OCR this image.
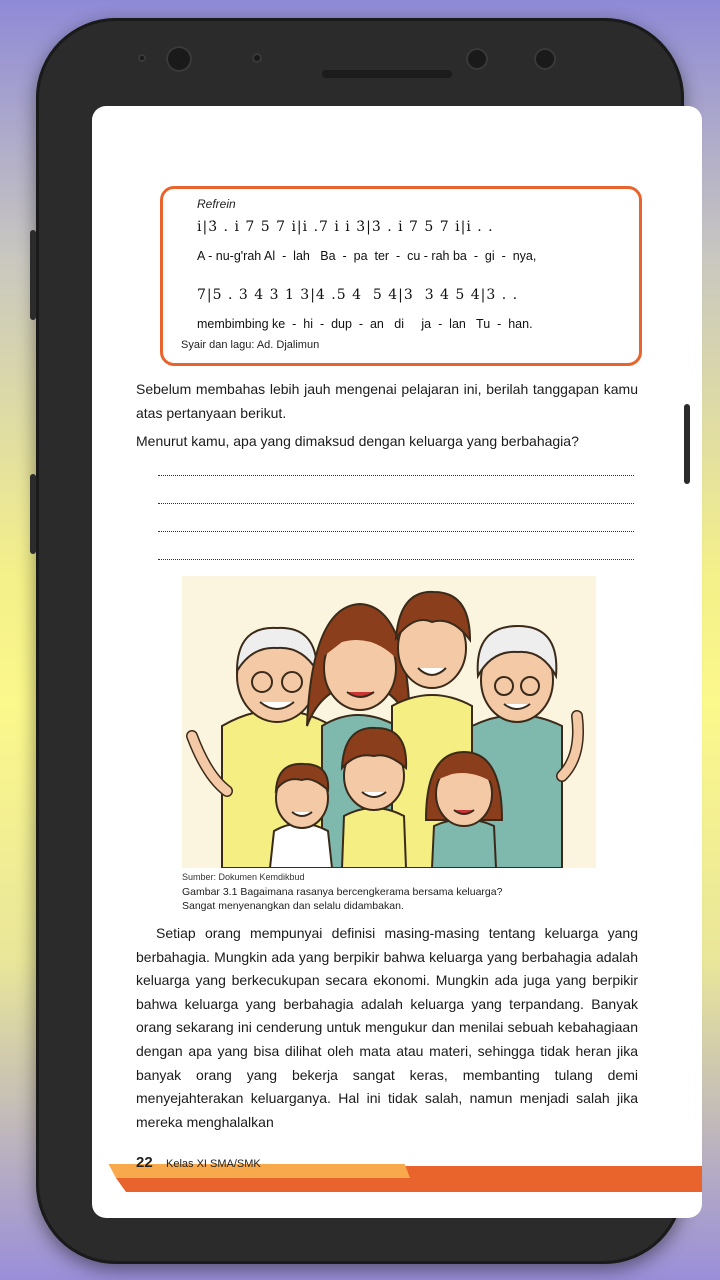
Refrein
i|3̇ . i 7 5 7 i|i .7 i i 3̇|3̇ . i 7 5 7 i|i . .
A - nu-g'rah Al  -  lah   Ba  -  pa  ter  -  cu - rah ba  -  gi  -  nya,
7|5 . 3 4 3 1 3|4 .5 4  5 4|3  3 4 5 4|3 . .
membimbing ke  -  hi  -  dup  -  an   di     ja  -  lan   Tu  -  han.
Syair dan lagu: Ad. Djalimun
Sebelum membahas lebih jauh mengenai pelajaran ini, berilah tanggapan kamu atas pertanyaan berikut.
Menurut kamu, apa yang dimaksud dengan keluarga yang berbahagia?
Sumber: Dokumen Kemdikbud
Gambar 3.1 Bagaimana rasanya bercengkerama bersama keluarga?
Sangat menyenangkan dan selalu didambakan.
Setiap orang mempunyai definisi masing-masing tentang keluarga yang berbahagia. Mungkin ada yang berpikir bahwa keluarga yang berbahagia adalah keluarga yang berkecukupan secara ekonomi. Mungkin ada juga yang berpikir bahwa keluarga yang berbahagia adalah keluarga yang terpandang. Banyak orang sekarang ini cenderung untuk mengukur dan menilai sebuah kebahagiaan dengan apa yang bisa dilihat oleh mata atau materi, sehingga tidak heran jika banyak orang yang bekerja sangat keras, membanting tulang demi menyejahterakan keluarganya. Hal ini tidak salah, namun menjadi salah jika mereka menghalalkan
22 Kelas XI SMA/SMK
